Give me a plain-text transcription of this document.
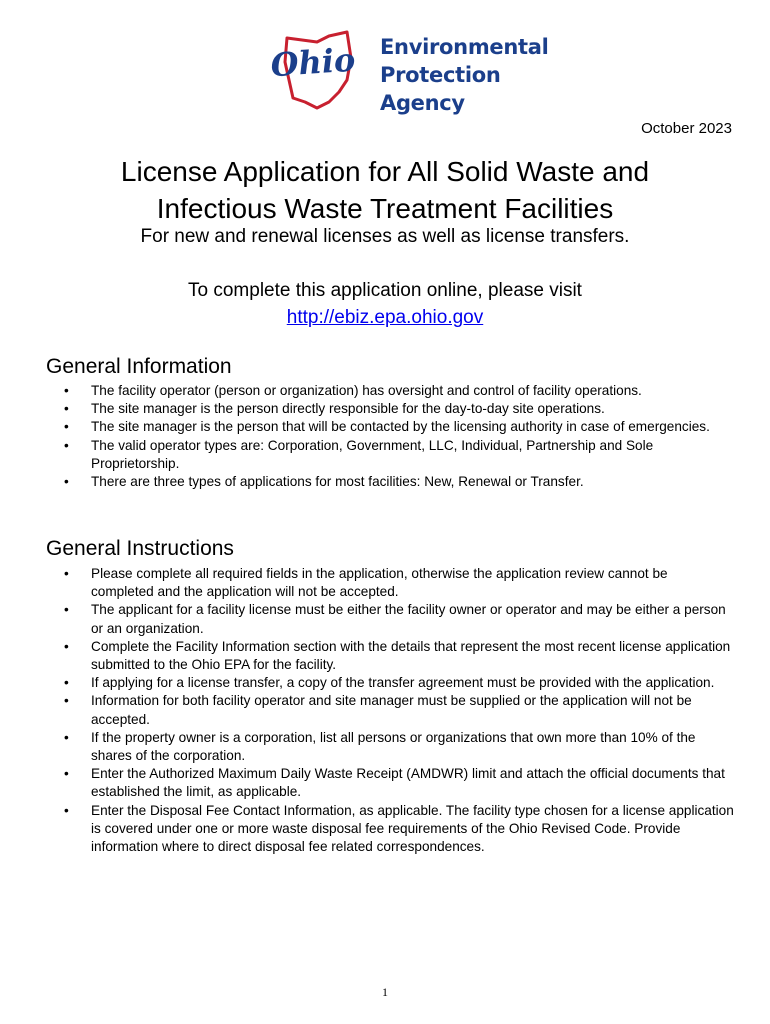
Ohio Environmental
Protection
Agency
October 2023
License Application for All Solid Waste and
Infectious Waste Treatment Facilities
For new and renewal licenses as well as license transfers.
To complete this application online, please visit
http://ebiz.epa.ohio.gov
General Information
• The facility operator (person or organization) has oversight and control of facility operations.
• The site manager is the person directly responsible for the day-to-day site operations.
• The site manager is the person that will be contacted by the licensing authority in case of emergencies.
• The valid operator types are: Corporation, Government, LLC, Individual, Partnership and Sole Proprietorship.
• There are three types of applications for most facilities: New, Renewal or Transfer.
General Instructions
• Please complete all required fields in the application, otherwise the application review cannot be completed and the application will not be accepted.
• The applicant for a facility license must be either the facility owner or operator and may be either a person or an organization.
• Complete the Facility Information section with the details that represent the most recent license application submitted to the Ohio EPA for the facility.
• If applying for a license transfer, a copy of the transfer agreement must be provided with the application.
• Information for both facility operator and site manager must be supplied or the application will not be accepted.
• If the property owner is a corporation, list all persons or organizations that own more than 10% of the shares of the corporation.
• Enter the Authorized Maximum Daily Waste Receipt (AMDWR) limit and attach the official documents that established the limit, as applicable.
• Enter the Disposal Fee Contact Information, as applicable. The facility type chosen for a license application is covered under one or more waste disposal fee requirements of the Ohio Revised Code. Provide information where to direct disposal fee related correspondences.
1
